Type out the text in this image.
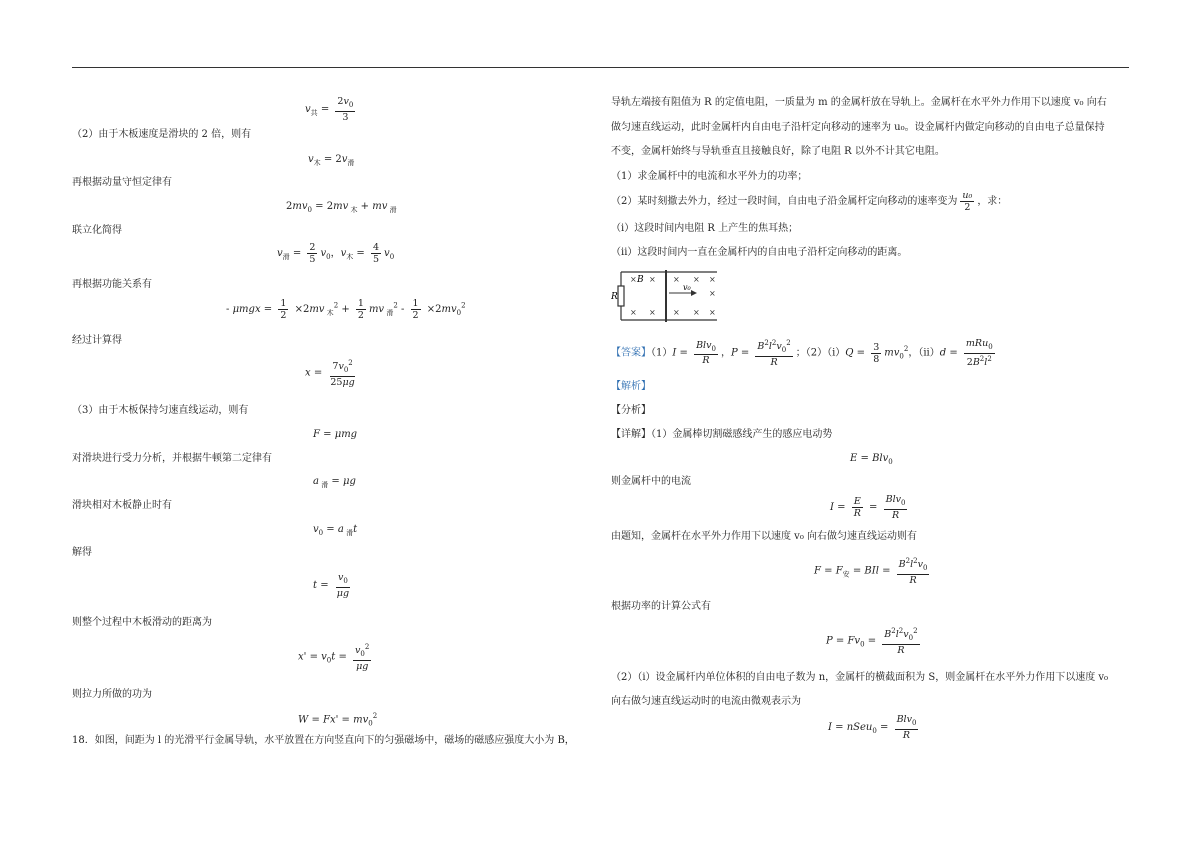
$v_共 = \frac{2v_0}{3}$
（2）由于木板速度是滑块的 2 倍，则有
$v_木 = 2v_滑$
再根据动量守恒定律有
$2mv_0 = 2mv$ $_木$ + mv $_滑$
联立化简得
$v_滑 = \frac{2}{5} v_0$，$v_木 = \frac{4}{5} v_0$
再根据功能关系有
- $\mu mgx = \frac{1}{2} \times 2mv$ $_木^2 + \frac{1}{2}$ mv $_滑^2 - \frac{1}{2} \times 2mv_0^2$
经过计算得
$x = \frac{7v_0^2}{25\mu g}$
（3）由于木板保持匀速直线运动，则有
F = μmg
对滑块进行受力分析，并根据牛顿第二定律有
a $_滑$ = μg
滑块相对木板静止时有
$v_0 = a$ $_滑$t
解得
$t = \frac{v_0}{\mu g}$
则整个过程中木板滑动的距离为
$x' = v_0t = \frac{v_0^2}{\mu g}$
则拉力所做的功为
$W = Fx' = mv_0^2$
18．如图，间距为 l 的光滑平行金属导轨，水平放置在方向竖直向下的匀强磁场中，磁场的磁感应强度大小为 B，
导轨左端接有阻值为 R 的定值电阻，一质量为 m 的金属杆放在导轨上。金属杆在水平外力作用下以速度 v₀ 向右
做匀速直线运动，此时金属杆内自由电子沿杆定向移动的速率为 u₀。设金属杆内做定向移动的自由电子总量保持
不变，金属杆始终与导轨垂直且接触良好，除了电阻 R 以外不计其它电阻。
（1）求金属杆中的电流和水平外力的功率；
（2）某时刻撤去外力，经过一段时间，自由电子沿金属杆定向移动的速率变为 $\frac{\text{u₀}}{2}$ ，求：
（i）这段时间内电阻 R 上产生的焦耳热；
（ii）这段时间内一直在金属杆内的自由电子沿杆定向移动的距离。
R
v₀
B
× ×
× ×
× × ×
×
× × ×
【答案】$(1)I = \frac{Blv_0}{R}$ ，$P = \frac{B^2l^2v_0^2}{R}$ ；$(2)(i)Q = \frac{3}{8} mv_0^2$，$(ii)d = \frac{mRu_0}{2B^2l^2}$
【解析】
【分析】
【详解】（1）金属棒切割磁感线产生的感应电动势
E = Blv$_0$
则金属杆中的电流
$I = \frac{E}{R} = \frac{Blv_0}{R}$
由题知，金属杆在水平外力作用下以速度 v₀ 向右做匀速直线运动则有
$F = F_安$ = BIl = $\frac{B^2l^2v_0}{R}$
根据功率的计算公式有
$P = Fv_0 = \frac{B^2l^2v_0^2}{R}$
（2）（i）设金属杆内单位体积的自由电子数为 n，金属杆的横截面积为 S，则金属杆在水平外力作用下以速度 v₀
向右做匀速直线运动时的电流由微观表示为
I = nSeu$_0$ = $\frac{Blv_0}{R}$
